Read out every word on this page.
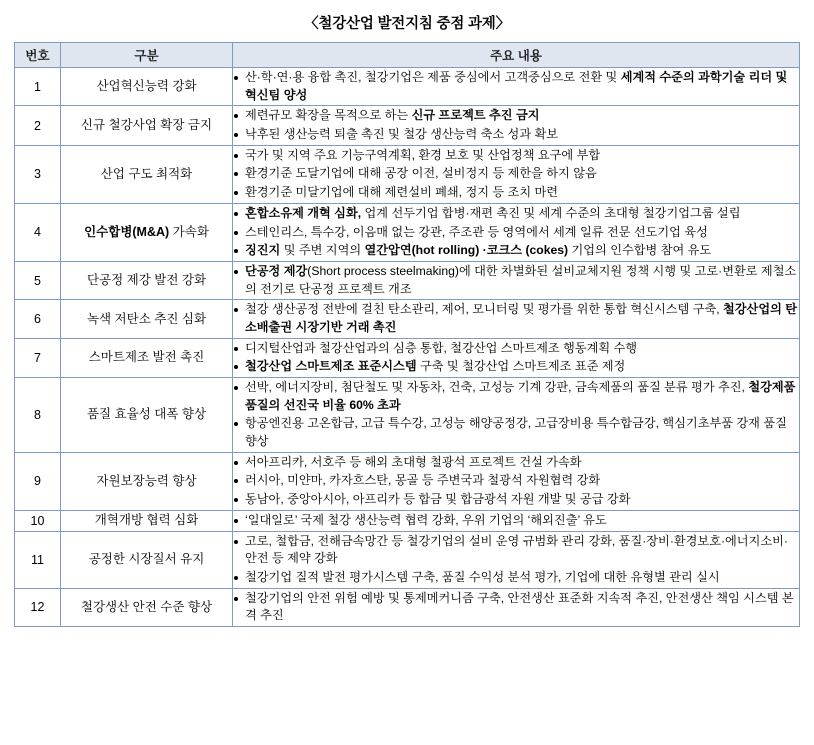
〈철강산업 발전지침 중점 과제〉
번호	구분	주요 내용
1	산업혁신능력 강화	
산·학·연·용 융합 촉진, 철강기업은 제품 중심에서 고객중심으로 전환 및 세계적 수준의 과학기술 리더 및 혁신팀 양성

2	신규 철강사업 확장 금지	
제련규모 확장을 목적으로 하는 신규 프로젝트 추진 금지
낙후된 생산능력 퇴출 촉진 및 철강 생산능력 축소 성과 확보

3	산업 구도 최적화	
국가 및 지역 주요 기능구역계획, 환경 보호 및 산업정책 요구에 부합
환경기준 도달기업에 대해 공장 이전, 설비정지 등 제한을 하지 않음
환경기준 미달기업에 대해 제련설비 폐쇄, 정지 등 조치 마련

4	인수합병(M&A) 가속화	
혼합소유제 개혁 심화, 업계 선두기업 합병·재편 촉진 및 세계 수준의 초대형 철강기업그룹 설립
스테인리스, 특수강, 이음매 없는 강관, 주조관 등 영역에서 세계 일류 전문 선도기업 육성
징진지 및 주변 지역의 열간압연(hot rolling) ·코크스 (cokes) 기업의 인수합병 참여 유도

5	단공정 제강 발전 강화	
단공정 제강(Short process steelmaking)에 대한 차별화된 설비교체지원 정책 시행 및 고로·변환로 제철소의 전기로 단공정 프로젝트 개조

6	녹색 저탄소 추진 심화	
철강 생산공정 전반에 걸친 탄소관리, 제어, 모니터링 및 평가를 위한 통합 혁신시스템 구축, 철강산업의 탄소배출권 시장기반 거래 촉진

7	스마트제조 발전 촉진	
디지털산업과 철강산업과의 심층 통합, 철강산업 스마트제조 행동계획 수행
철강산업 스마트제조 표준시스템 구축 및 철강산업 스마트제조 표준 제정

8	품질 효율성 대폭 향상	
선박, 에너지장비, 첨단철도 및 자동차, 건축, 고성능 기계 강판, 금속제품의 품질 분류 평가 추진, 철강제품 품질의 선진국 비율 60% 초과
항공엔진용 고온합금, 고급 특수강, 고성능 해양공정강, 고급장비용 특수합금강, 핵심기초부품 강재 품질 향상

9	자원보장능력 향상	
서아프리카, 서호주 등 해외 초대형 철광석 프로젝트 건설 가속화
러시아, 미얀마, 카자흐스탄, 몽골 등 주변국과 철광석 자원협력 강화
동남아, 중앙아시아, 아프리카 등 합금 및 합금광석 자원 개발 및 공급 강화

10	개혁개방 협력 심화	‘일대일로’ 국제 철강 생산능력 협력 강화, 우위 기업의 ‘해외진출’ 유도

11	공정한 시장질서 유지	
고로, 철합금, 전해금속망간 등 철강기업의 설비 운영 규범화 관리 강화, 품질·장비·환경보호·에너지소비·안전 등 제약 강화
철강기업 질적 발전 평가시스템 구축, 품질 수익성 분석 평가, 기업에 대한 유형별 관리 실시

12	철강생산 안전 수준 향상	
철강기업의 안전 위험 예방 및 통제메커니즘 구축, 안전생산 표준화 지속적 추진, 안전생산 책임 시스템 본격 추진
